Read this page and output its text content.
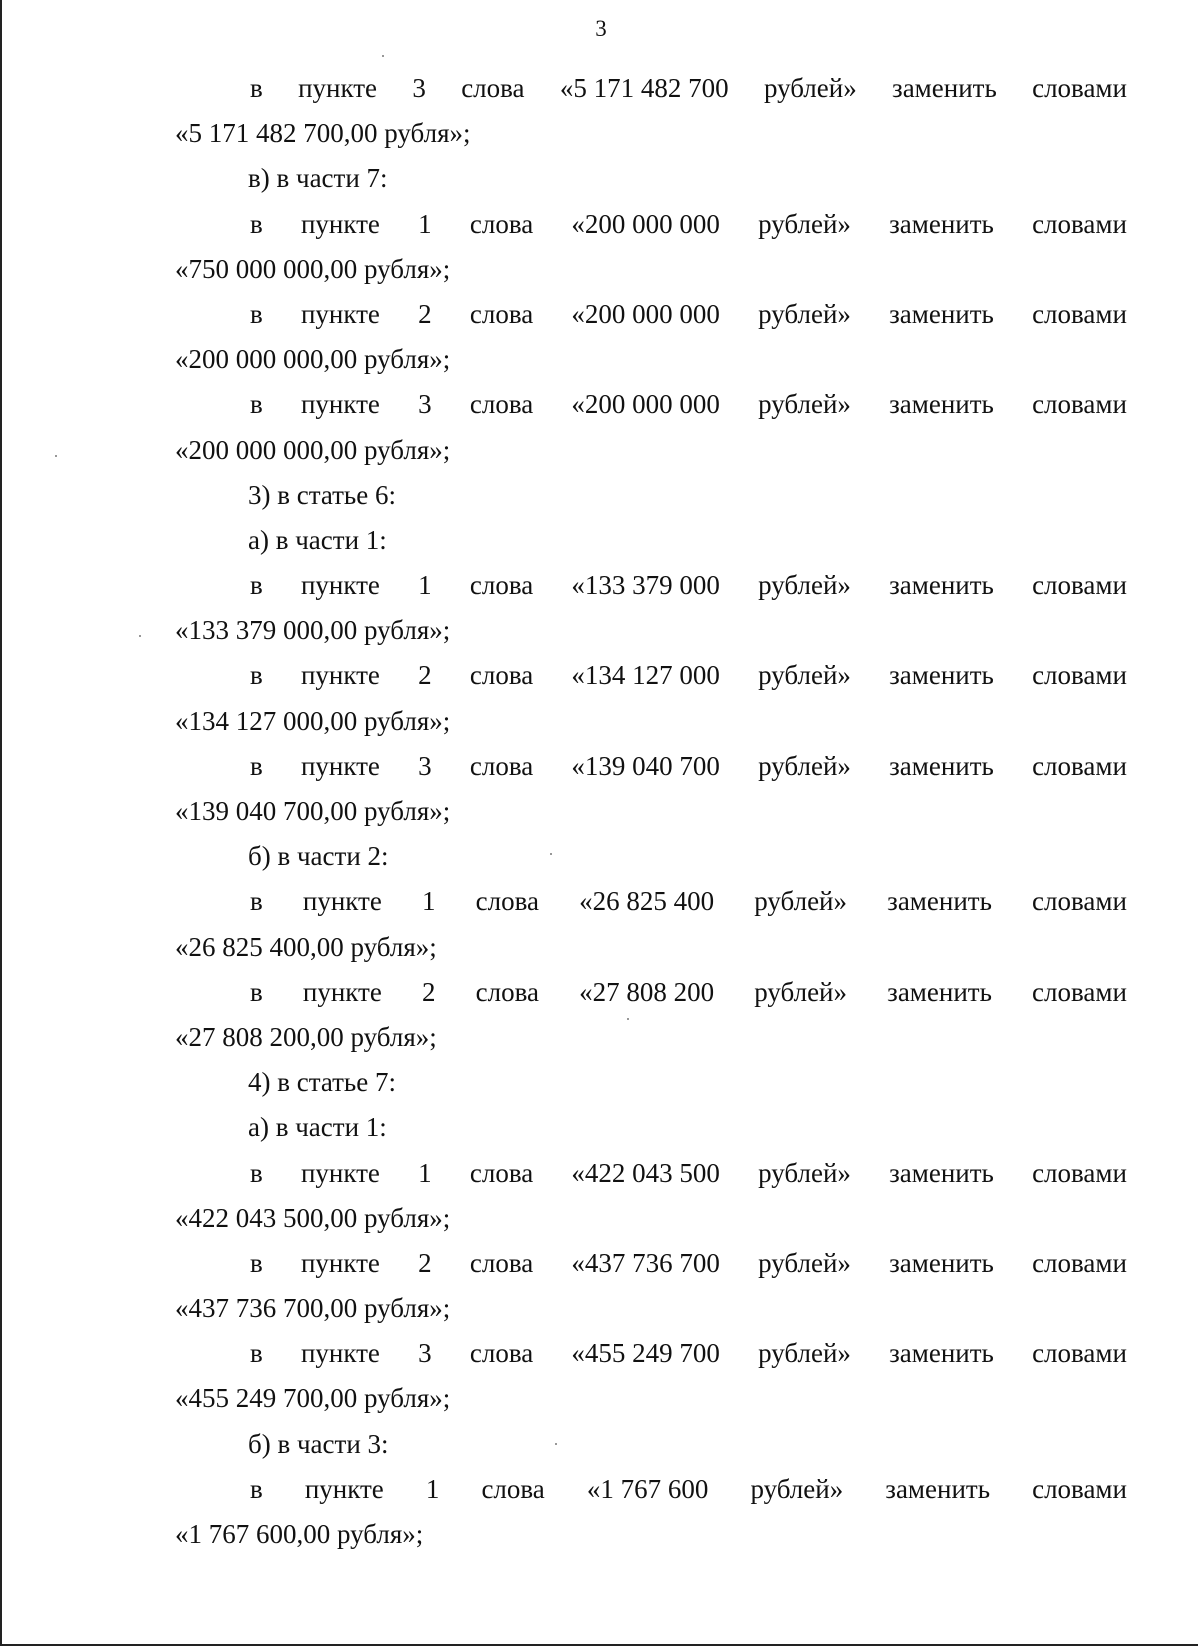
3
в пункте 3 слова «5 171 482 700 рублей» заменить словами
«5 171 482 700,00 рубля»;
в) в части 7:
в пункте 1 слова «200 000 000 рублей» заменить словами
«750 000 000,00 рубля»;
в пункте 2 слова «200 000 000 рублей» заменить словами
«200 000 000,00 рубля»;
в пункте 3 слова «200 000 000 рублей» заменить словами
«200 000 000,00 рубля»;
3) в статье 6:
а) в части 1:
в пункте 1 слова «133 379 000 рублей» заменить словами
«133 379 000,00 рубля»;
в пункте 2 слова «134 127 000 рублей» заменить словами
«134 127 000,00 рубля»;
в пункте 3 слова «139 040 700 рублей» заменить словами
«139 040 700,00 рубля»;
б) в части 2:
в пункте 1 слова «26 825 400 рублей» заменить словами
«26 825 400,00 рубля»;
в пункте 2 слова «27 808 200 рублей» заменить словами
«27 808 200,00 рубля»;
4) в статье 7:
а) в части 1:
в пункте 1 слова «422 043 500 рублей» заменить словами
«422 043 500,00 рубля»;
в пункте 2 слова «437 736 700 рублей» заменить словами
«437 736 700,00 рубля»;
в пункте 3 слова «455 249 700 рублей» заменить словами
«455 249 700,00 рубля»;
б) в части 3:
в пункте 1 слова «1 767 600 рублей» заменить словами
«1 767 600,00 рубля»;
